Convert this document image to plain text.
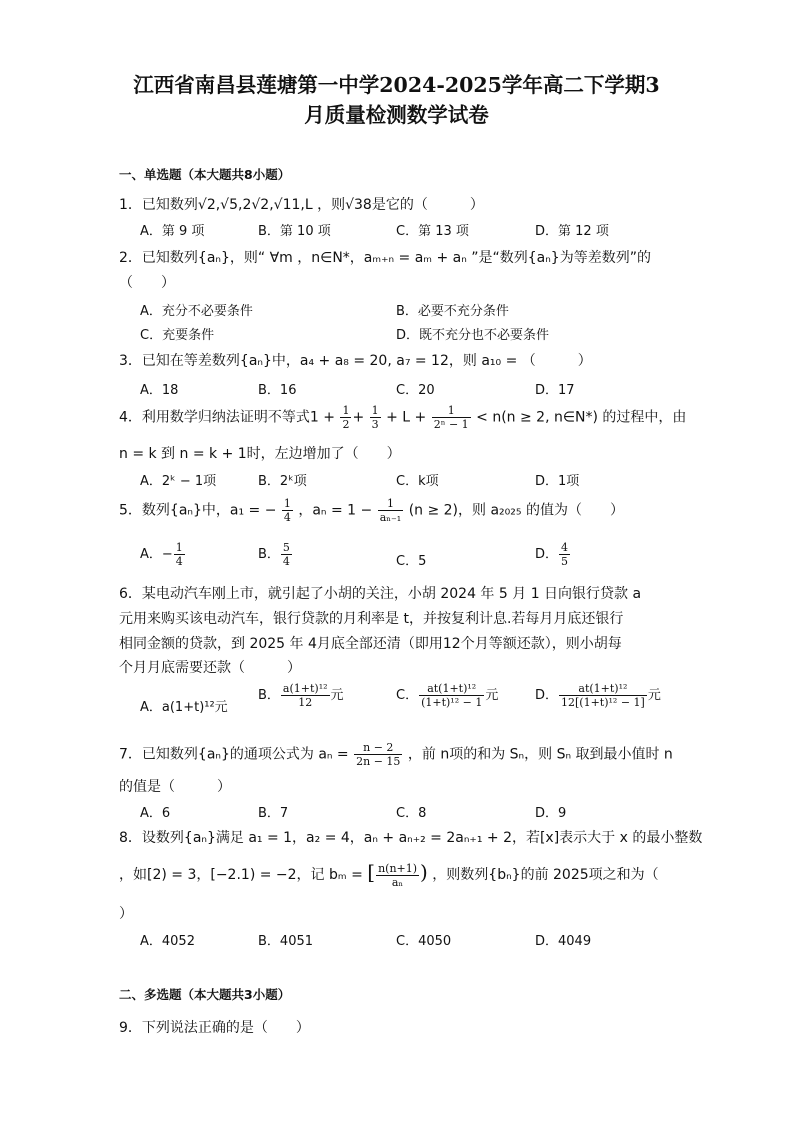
江西省南昌县莲塘第一中学2024-2025学年高二下学期3
月质量检测数学试卷
一、单选题（本大题共8小题）
1．已知数列√2,√5,2√2,√11,L ，则√38是它的（　　　）
A．第 9 项	B．第 10 项	C．第 13 项	D．第 12 项
2．已知数列{aₙ}，则“ ∀m ，n∈N*，aₘ₊ₙ = aₘ + aₙ ”是“数列{aₙ}为等差数列”的
（　　）
A．充分不必要条件	B．必要不充分条件
C．充要条件	D．既不充分也不必要条件
3．已知在等差数列{aₙ}中，a₄ + a₈ = 20, a₇ = 12，则 a₁₀ = （　　　）
A．18	B．16	C．20	D．17
4．利用数学归纳法证明不等式$1 + \frac{1}{2} + \frac{1}{3} + L + \frac{1}{\text{2ⁿ − 1}} < n(n \ge 2$, n∈N*) 的过程中，由
n = k 到 n = k + 1时，左边增加了（　　）
A．2ᵏ − 1项	B．2ᵏ项	C．k项	D．1项
5．数列{aₙ}中，a₁ = − $\frac{1}{4}$ ，$a_n = 1 - \frac{1}{\text{aₙ₋₁}} (n \ge 2)$，则 a₂₀₂₅ 的值为（　　）
A．− $\frac{1}{4}$	B． $\frac{5}{4}$	C．5	D． $\frac{4}{5}$
6．某电动汽车刚上市，就引起了小胡的关注，小胡 2024 年 5 月 1 日向银行贷款 a
元用来购买该电动汽车，银行贷款的月利率是 t，并按复利计息.若每月月底还银行
相同金额的贷款，到 2025 年 4月底全部还清（即用12个月等额还款），则小胡每
个月月底需要还款（　　　）
A．a(1+t)¹²元
B． $\frac{\text{a(1+t)¹²}}{12}$ 元	C． $\frac{\text{at(1+t)¹²}}{\text{(1+t)¹² − 1}}$ 元	D． $\frac{\text{at(1+t)¹²}}{\text{12[(1+t)¹² − 1]}}$ 元
7．已知数列{aₙ}的通项公式为 $a_n = \frac{n - 2}{2n - 15}$ ，前 n项的和为 Sₙ，则 Sₙ 取到最小值时 n
的值是（　　　）
A．6	B．7	C．8	D．9
8．设数列{aₙ}满足 a₁ = 1，a₂ = 4，aₙ + aₙ₊₂ = 2aₙ₊₁ + 2，若[x]表示大于 x 的最小整数
，如[2) = 3，[−2.1) = −2，记 bₘ = [ $\frac{n(n+1)}{\text{aₙ}}$ ) ，则数列{bₙ}的前 2025项之和为（
）
A．4052	B．4051	C．4050	D．4049
二、多选题（本大题共3小题）
9．下列说法正确的是（　　）
